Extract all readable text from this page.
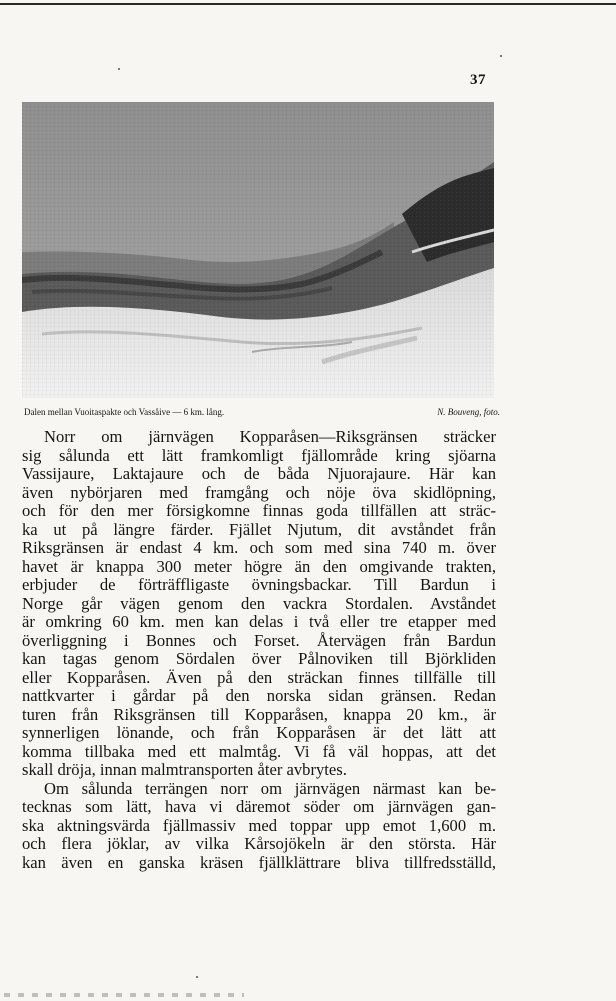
37
Dalen mellan Vuoitaspakte och Vassåive — 6 km. lång.	N. Bouveng, foto.

Norr om järnvägen Kopparåsen—Riksgränsen sträcker
sig sålunda ett lätt framkomligt fjällområde kring sjöarna
Vassijaure, Laktajaure och de båda Njuorajaure. Här kan
även nybörjaren med framgång och nöje öva skidlöpning,
och för den mer försigkomne finnas goda tillfällen att sträc-
ka ut på längre färder. Fjället Njutum, dit avståndet från
Riksgränsen är endast 4 km. och som med sina 740 m. över
havet är knappa 300 meter högre än den omgivande trakten,
erbjuder de förträffligaste övningsbackar. Till Bardun i
Norge går vägen genom den vackra Stordalen. Avståndet
är omkring 60 km. men kan delas i två eller tre etapper med
överliggning i Bonnes och Forset. Återvägen från Bardun
kan tagas genom Sördalen över Pålnoviken till Björkliden
eller Kopparåsen. Även på den sträckan finnes tillfälle till
nattkvarter i gårdar på den norska sidan gränsen. Redan
turen från Riksgränsen till Kopparåsen, knappa 20 km., är
synnerligen lönande, och från Kopparåsen är det lätt att
komma tillbaka med ett malmtåg. Vi få väl hoppas, att det
skall dröja, innan malmtransporten åter avbrytes.

Om sålunda terrängen norr om järnvägen närmast kan be-
tecknas som lätt, hava vi däremot söder om järnvägen gan-
ska aktningsvärda fjällmassiv med toppar upp emot 1,600 m.
och flera jöklar, av vilka Kårsojökeln är den största. Här
kan även en ganska kräsen fjällklättrare bliva tillfredsställd,
